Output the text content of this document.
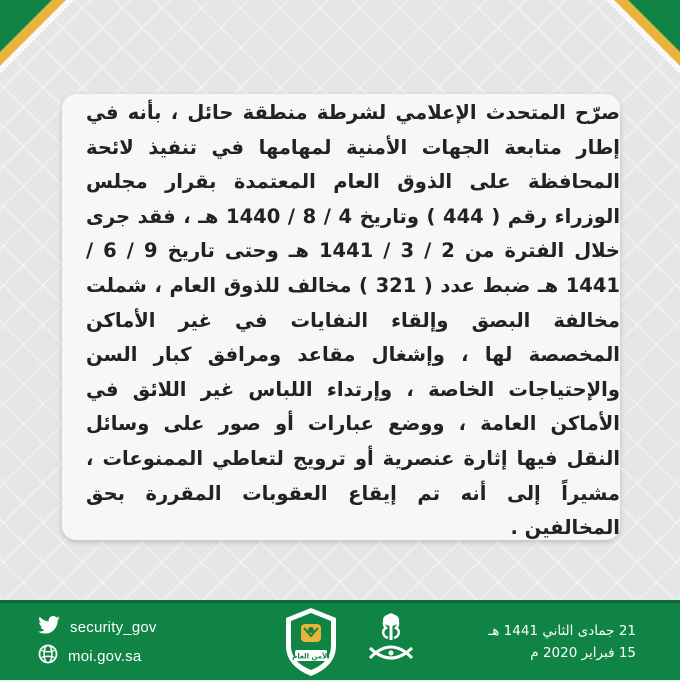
صرّح المتحدث الإعلامي لشرطة منطقة حائل ، بأنه في إطار متابعة الجهات الأمنية لمهامها في تنفيذ لائحة المحافظة على الذوق العام المعتمدة بقرار مجلس الوزراء رقم ( 444 ) وتاريخ 4 / 8 / 1440 هـ ، فقد جرى خلال الفترة من 2 / 3 / 1441 هـ وحتى تاريخ 9 / 6 / 1441 هـ ضبط عدد ( 321 ) مخالف للذوق العام ، شملت مخالفة البصق وإلقاء النفايات في غير الأماكن المخصصة لها ، وإشغال مقاعد ومرافق كبار السن والإحتياجات الخاصة ، وإرتداء اللباس غير اللائق في الأماكن العامة ، ووضع عبارات أو صور على وسائل النقل فيها إثارة عنصرية أو ترويج لتعاطي الممنوعات ، مشيراً إلى أنه تم إيقاع العقوبات المقررة بحق المخالفين .

security_gov
moi.gov.sa	الأمن العام
21 جمادى الثاني 1441 هـ
15 فبراير 2020 م
